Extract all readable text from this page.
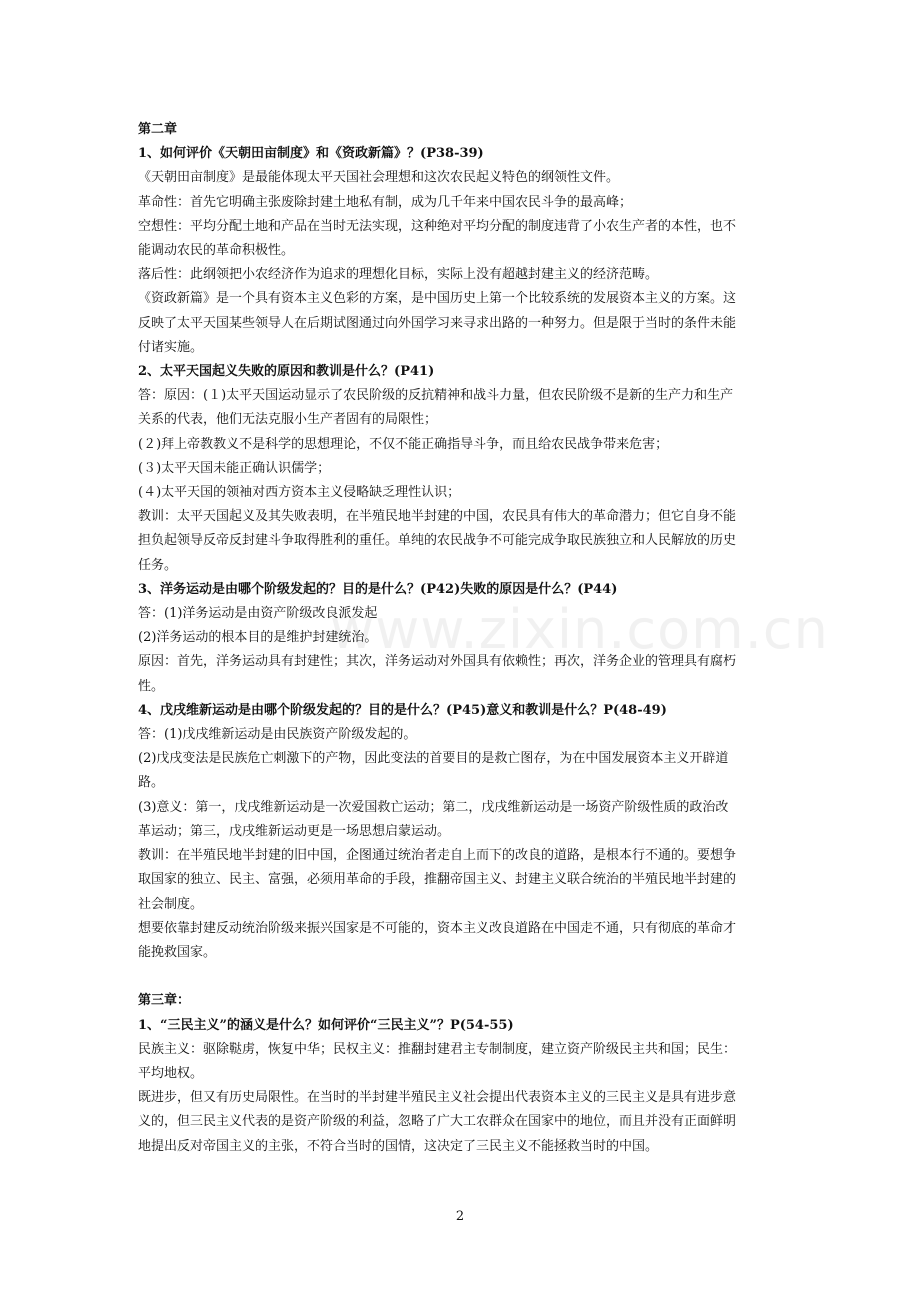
www.zixin.com.cn
第二章
1、如何评价《天朝田亩制度》和《资政新篇》？(P38-39)
《天朝田亩制度》是最能体现太平天国社会理想和这次农民起义特色的纲领性文件。
革命性：首先它明确主张废除封建土地私有制，成为几千年来中国农民斗争的最高峰；
空想性：平均分配土地和产品在当时无法实现，这种绝对平均分配的制度违背了小农生产者的本性，也不
能调动农民的革命积极性。
落后性：此纲领把小农经济作为追求的理想化目标，实际上没有超越封建主义的经济范畴。
《资政新篇》是一个具有资本主义色彩的方案，是中国历史上第一个比较系统的发展资本主义的方案。这
反映了太平天国某些领导人在后期试图通过向外国学习来寻求出路的一种努力。但是限于当时的条件未能
付诸实施。
2、太平天国起义失败的原因和教训是什么？(P41)
答：原因：(１)太平天国运动显示了农民阶级的反抗精神和战斗力量，但农民阶级不是新的生产力和生产
关系的代表，他们无法克服小生产者固有的局限性；
(２)拜上帝教教义不是科学的思想理论，不仅不能正确指导斗争，而且给农民战争带来危害；
(３)太平天国未能正确认识儒学；
(４)太平天国的领袖对西方资本主义侵略缺乏理性认识；
教训：太平天国起义及其失败表明，在半殖民地半封建的中国，农民具有伟大的革命潜力；但它自身不能
担负起领导反帝反封建斗争取得胜利的重任。单纯的农民战争不可能完成争取民族独立和人民解放的历史
任务。
3、洋务运动是由哪个阶级发起的？目的是什么？(P42)失败的原因是什么？(P44)
答：(1)洋务运动是由资产阶级改良派发起
(2)洋务运动的根本目的是维护封建统治。
原因：首先，洋务运动具有封建性；其次，洋务运动对外国具有依赖性；再次，洋务企业的管理具有腐朽
性。
4、戊戌维新运动是由哪个阶级发起的？目的是什么？(P45)意义和教训是什么？P(48-49)
答：(1)戊戌维新运动是由民族资产阶级发起的。
(2)戊戌变法是民族危亡刺激下的产物，因此变法的首要目的是救亡图存，为在中国发展资本主义开辟道
路。
(3)意义：第一，戊戌维新运动是一次爱国救亡运动；第二，戊戌维新运动是一场资产阶级性质的政治改
革运动；第三，戊戌维新运动更是一场思想启蒙运动。
教训：在半殖民地半封建的旧中国，企图通过统治者走自上而下的改良的道路，是根本行不通的。要想争
取国家的独立、民主、富强，必须用革命的手段，推翻帝国主义、封建主义联合统治的半殖民地半封建的
社会制度。
想要依靠封建反动统治阶级来振兴国家是不可能的，资本主义改良道路在中国走不通，只有彻底的革命才
能挽救国家。
第三章：
1、“三民主义”的涵义是什么？如何评价“三民主义”？P(54-55)
民族主义：驱除鞑虏，恢复中华；民权主义：推翻封建君主专制制度，建立资产阶级民主共和国；民生：
平均地权。
既进步，但又有历史局限性。在当时的半封建半殖民主义社会提出代表资本主义的三民主义是具有进步意
义的，但三民主义代表的是资产阶级的利益，忽略了广大工农群众在国家中的地位，而且并没有正面鲜明
地提出反对帝国主义的主张，不符合当时的国情，这决定了三民主义不能拯救当时的中国。
2
